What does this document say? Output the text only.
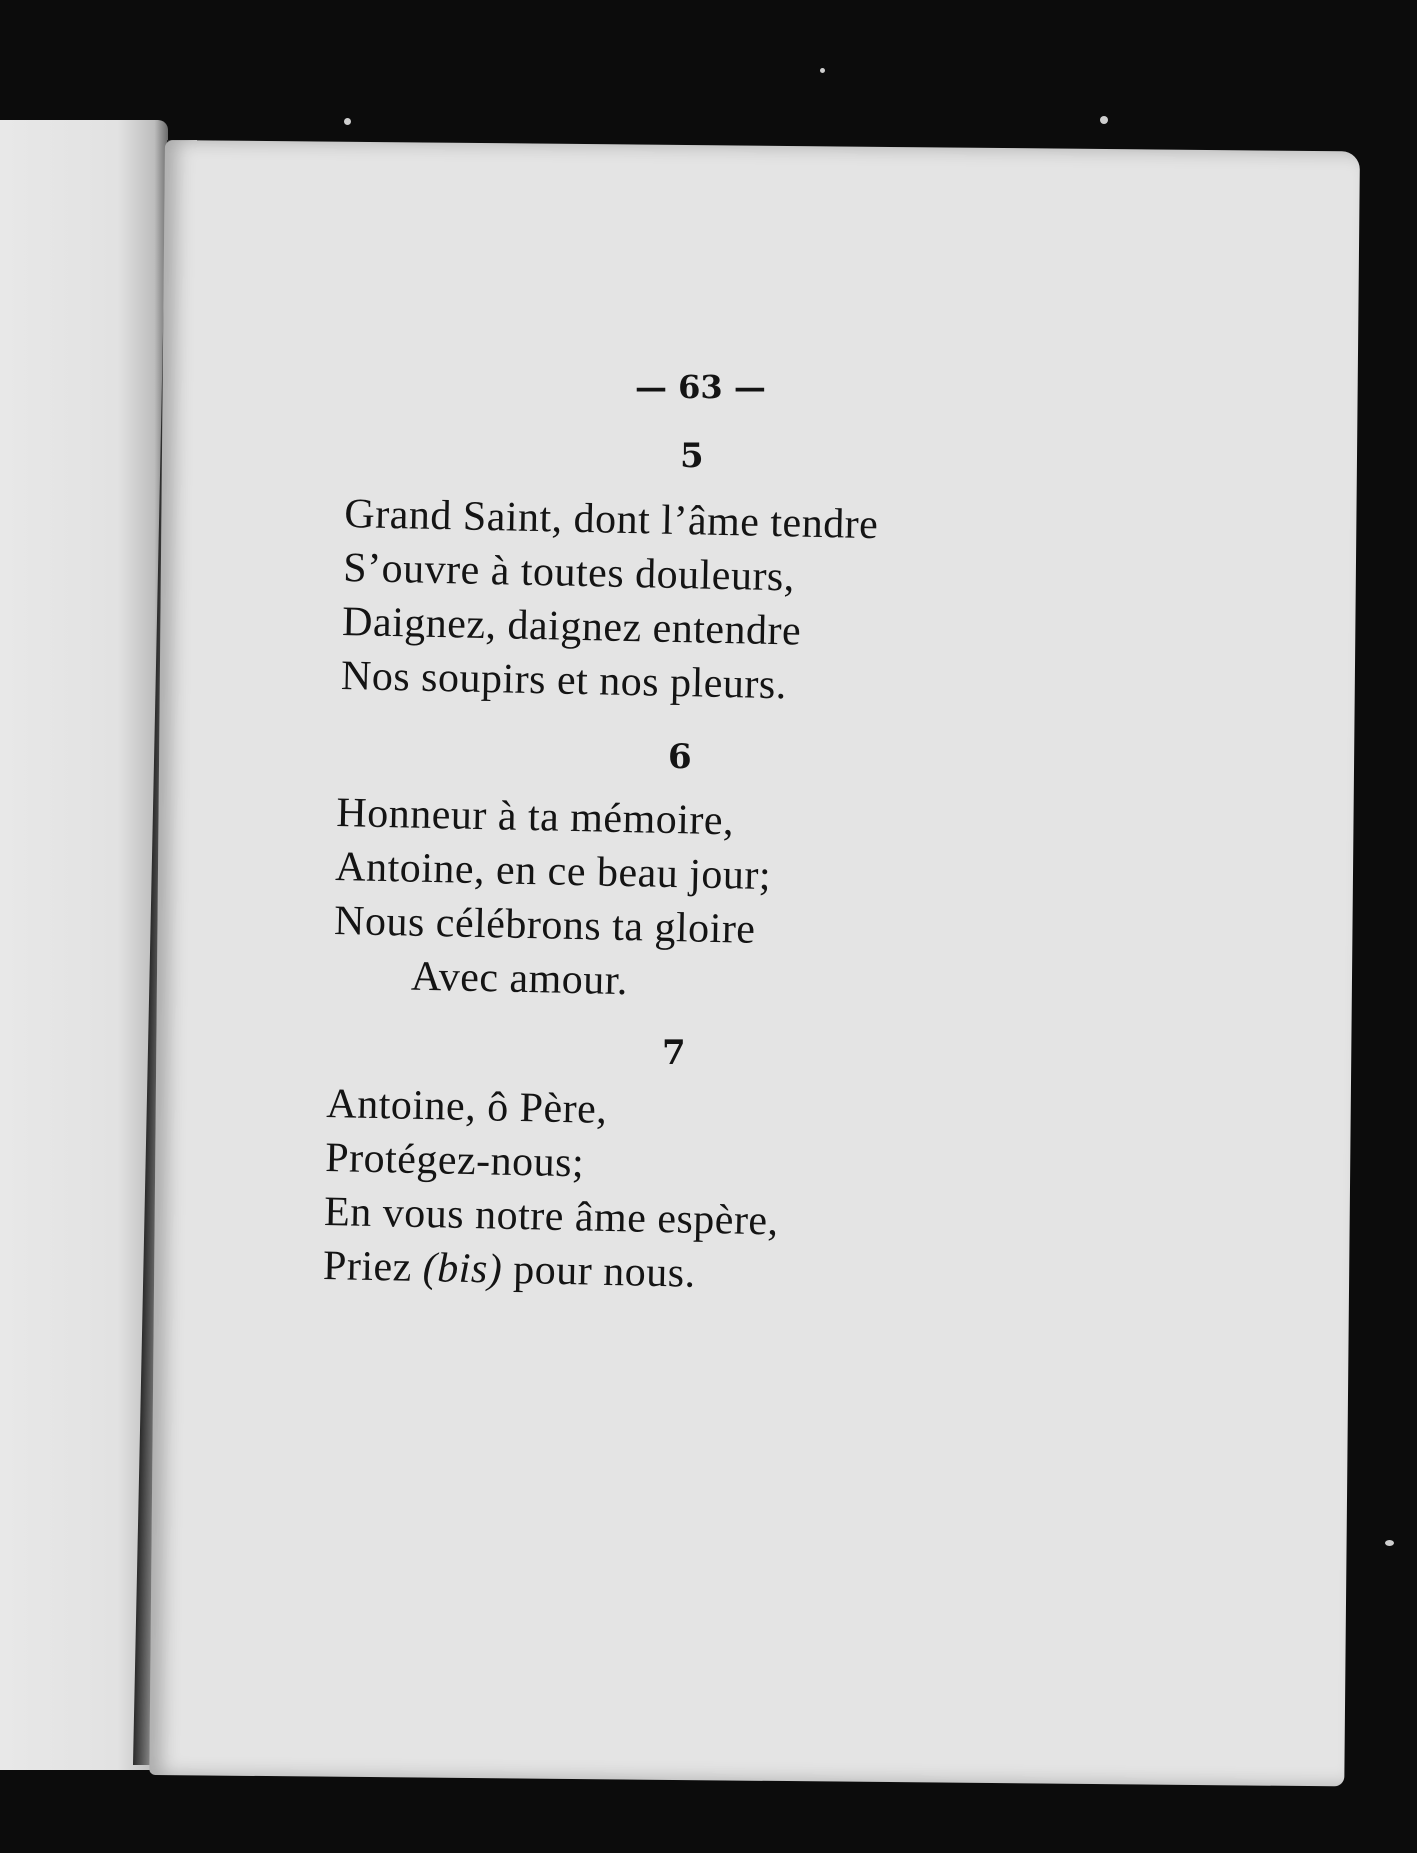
— 63 —
5
Grand Saint, dont l’âme tendre
S’ouvre à toutes douleurs,
Daignez, daignez entendre
Nos soupirs et nos pleurs.
6
Honneur à ta mémoire,
Antoine, en ce beau jour;
Nous célébrons ta gloire
Avec amour.
7
Antoine, ô Père,
Protégez-nous;
En vous notre âme espère,
Priez (bis) pour nous.
